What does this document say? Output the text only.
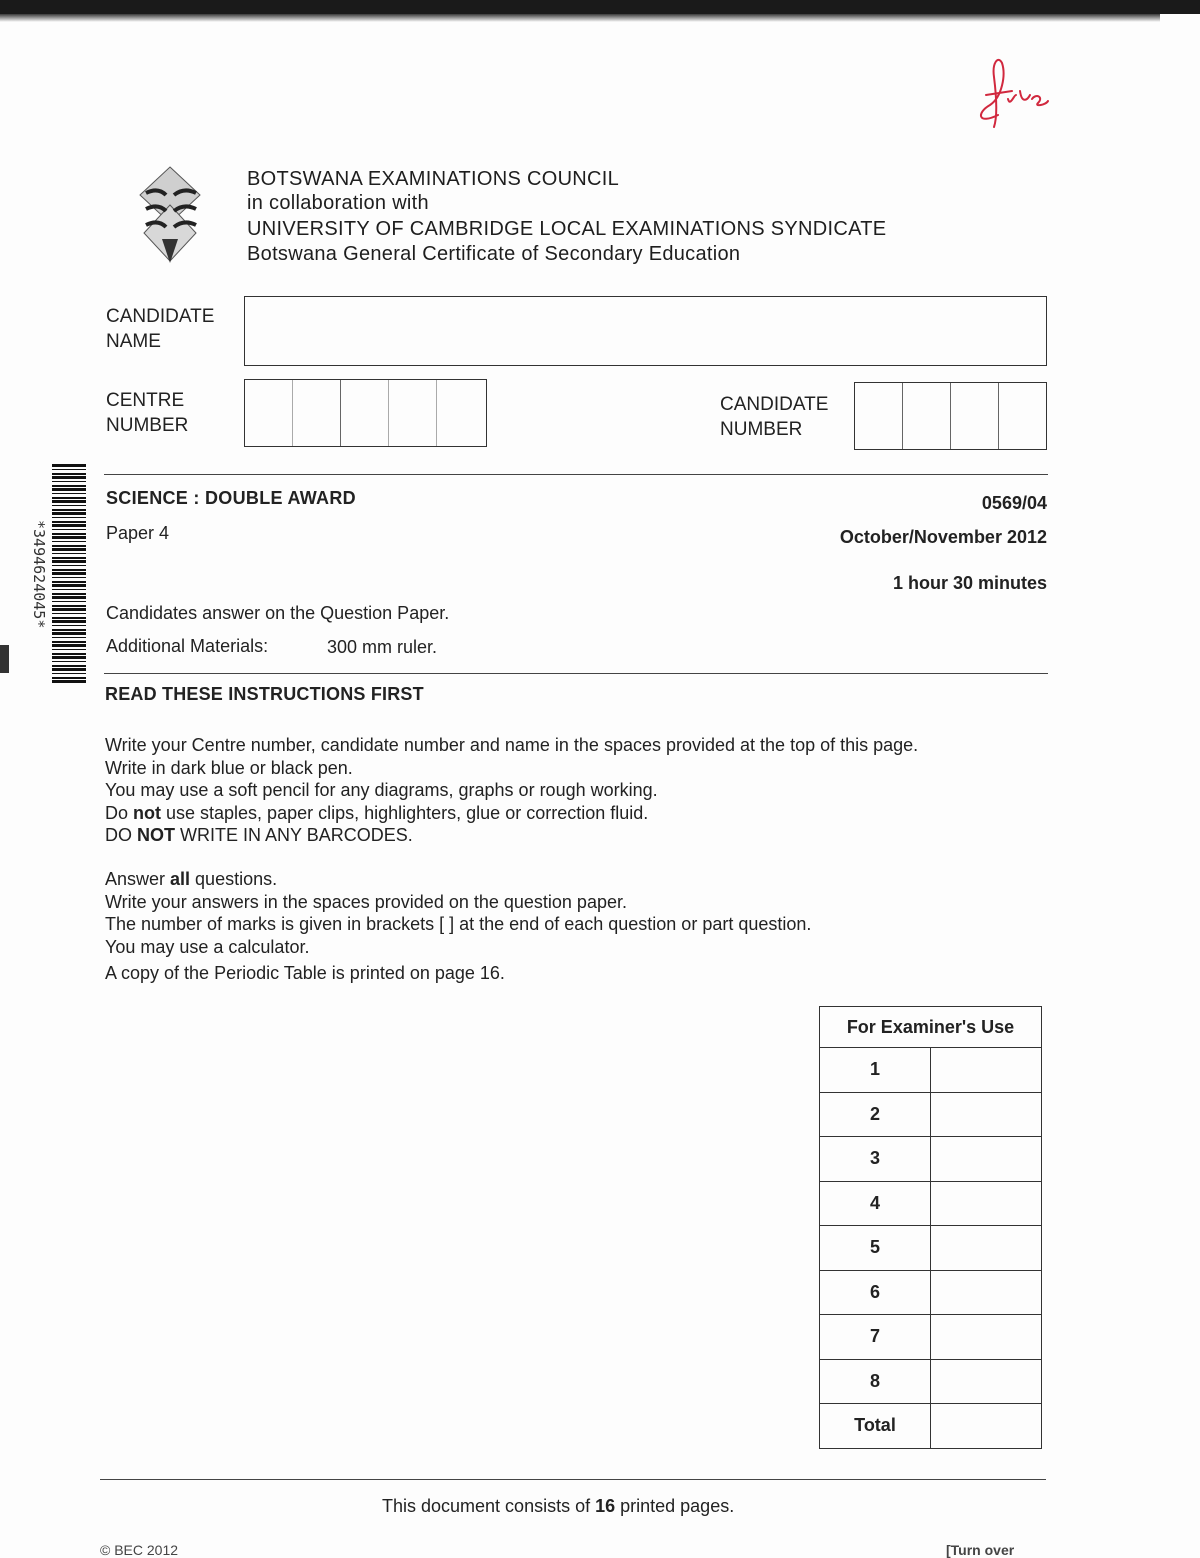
BOTSWANA EXAMINATIONS COUNCIL
in collaboration with
UNIVERSITY OF CAMBRIDGE LOCAL EXAMINATIONS SYNDICATE
Botswana General Certificate of Secondary Education
CANDIDATE
NAME
CENTRE
NUMBER
CANDIDATE
NUMBER
*3494624045*
SCIENCE : DOUBLE AWARD	0569/04
Paper 4	October/November 2012
1 hour 30 minutes
Candidates answer on the Question Paper.
Additional Materials:	300 mm ruler.
READ THESE INSTRUCTIONS FIRST

Write your Centre number, candidate number and name in the spaces provided at the top of this page.

Write in dark blue or black pen.

You may use a soft pencil for any diagrams, graphs or rough working.

Do not use staples, paper clips, highlighters, glue or correction fluid.

DO NOT WRITE IN ANY BARCODES.

Answer all questions.

Write your answers in the spaces provided on the question paper.

The number of marks is given in brackets [ ] at the end of each question or part question.

You may use a calculator.

A copy of the Periodic Table is printed on page 16.

For Examiner's Use	
1	
2	
3	
4	
5	
6	
7	
8	
Total	
This document consists of 16 printed pages.
© BEC 2012	[Turn over
